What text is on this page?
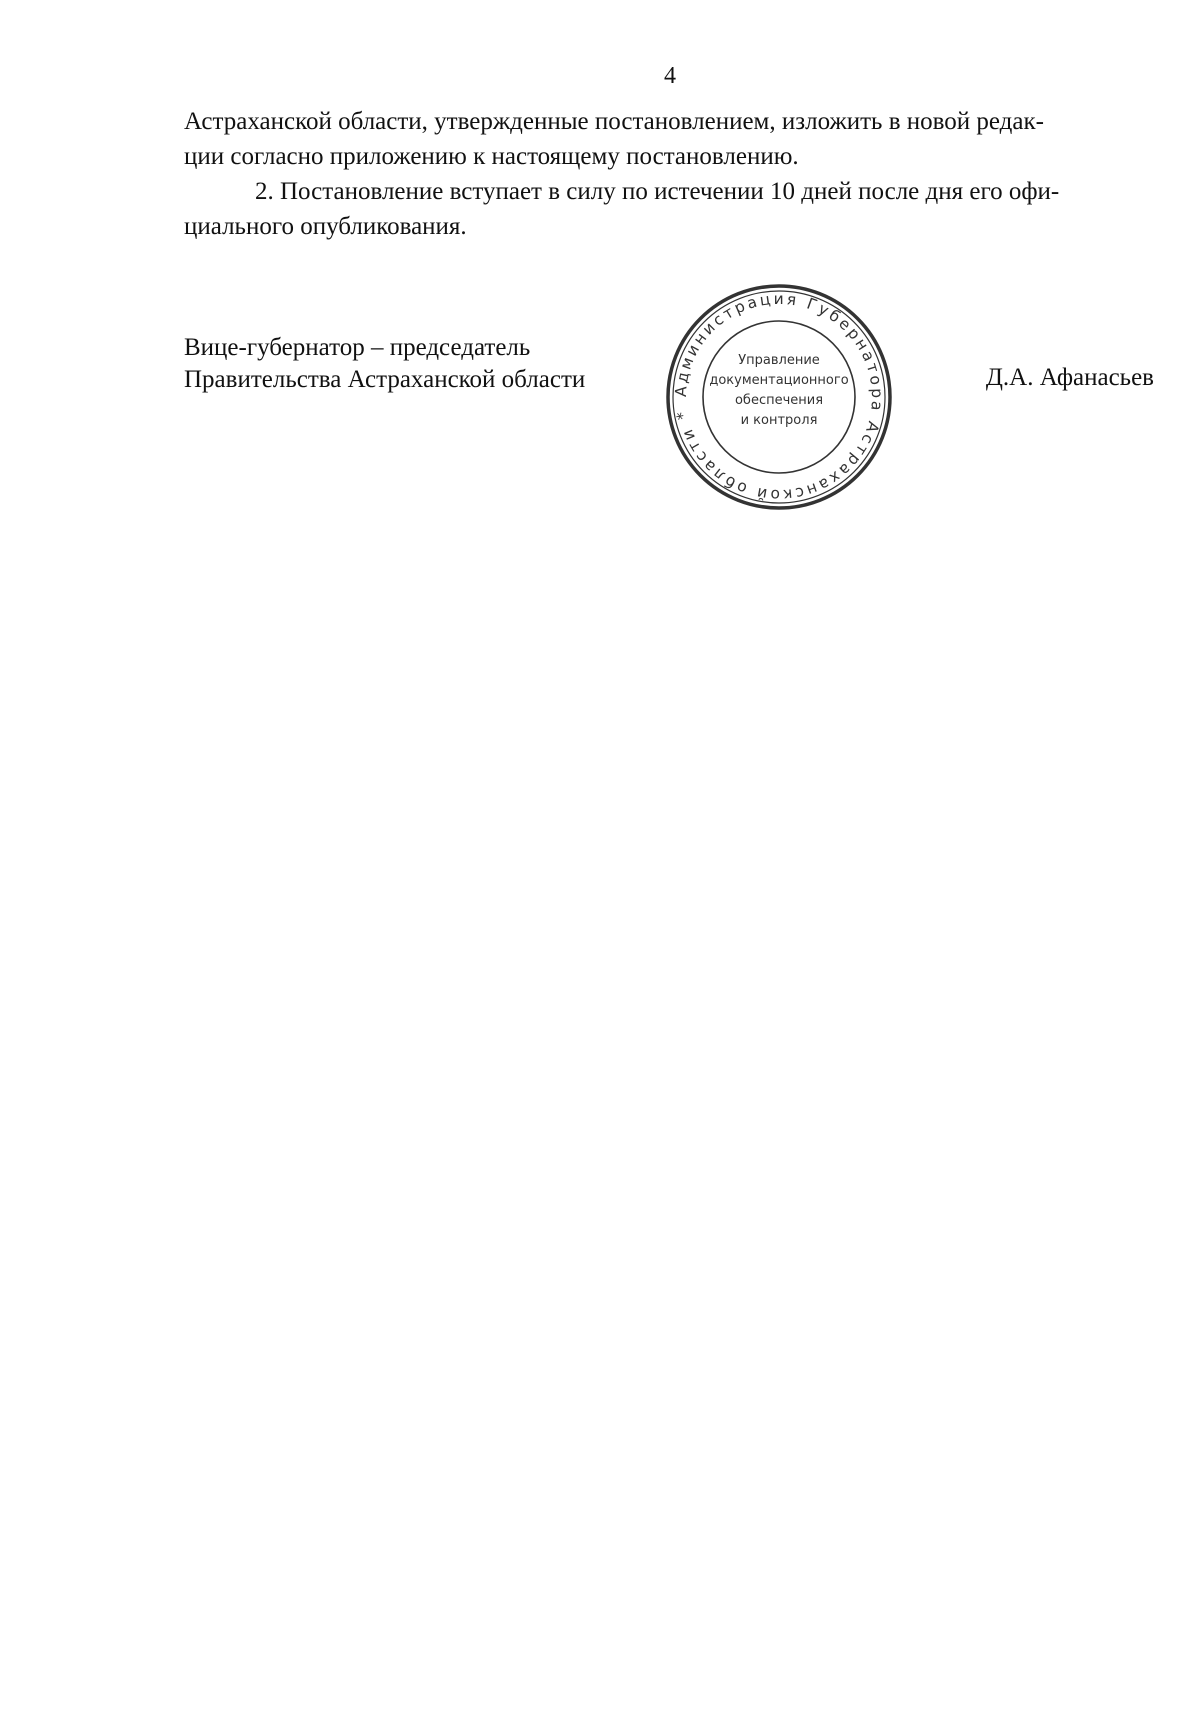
4

Астраханской области, утвержденные постановлением, изложить в новой редак-
ции согласно приложению к настоящему постановлению.

2. Постановление вступает в силу по истечении 10 дней после дня его офи-
циального опубликования.

Вице-губернатор – председатель
Правительства Астраханской области	Администрация Губернатора Астраханской области *
Управление
документационного
обеспечения
и контроля
Д.А. Афанасьев
